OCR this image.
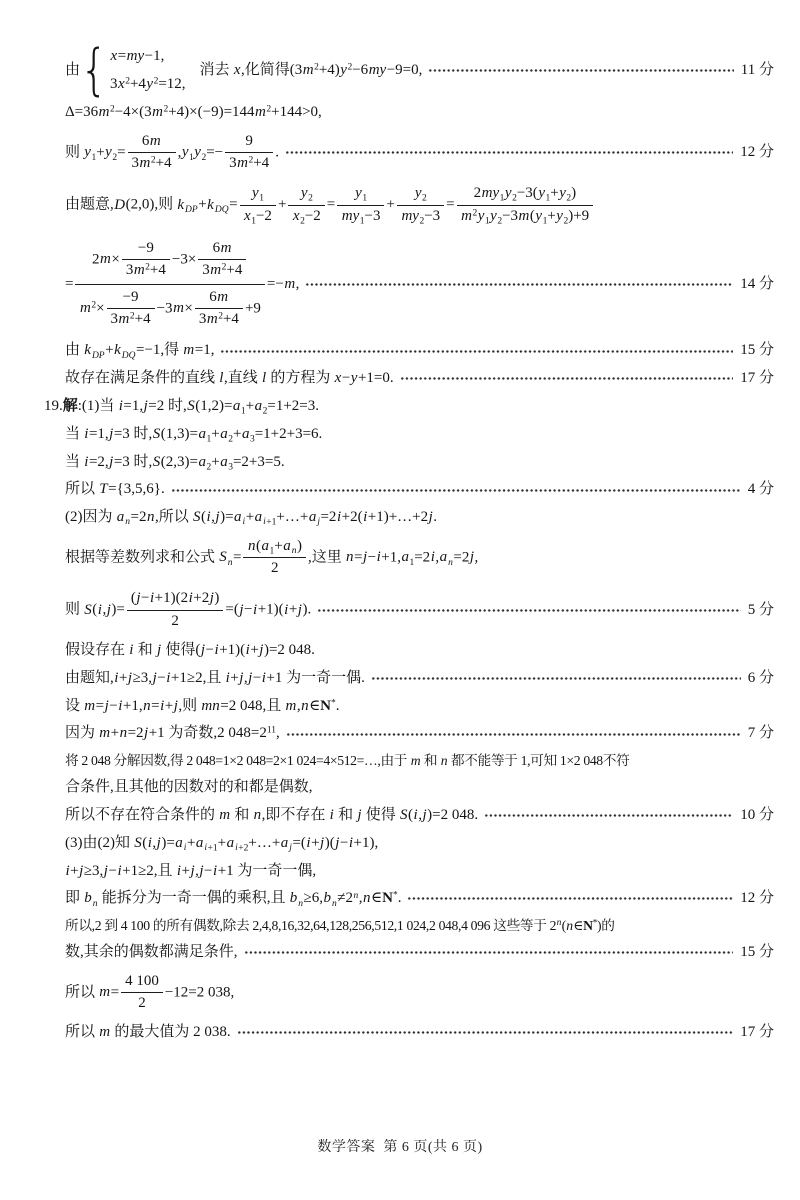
由 { x=my−1,
$3x^2+4y^2=12$,
消去 x,化简得$(3m^2+4)y^2-6my-9=0$,	11 分
$\Delta=36m^2-4\times(3m^2+4)\times(-9)=144m^2+144>0$,
则 $y_1+y_2= \frac{6m}{3m^2+4} ,y_1y_2=- \frac{9}{3m^2+4}$ .	12 分
由题意,D(2,0),则 $k_{DP}+k_{DQ}= \frac{y_1}{x_1-2} + \frac{y_2}{x_2-2} = \frac{y_1}{my_1-3} + \frac{y_2}{my_2-3} = \frac{2my_1y_2-3(y_1+y_2)}{m^2y_1y_2-3m(y_1+y_2)+9}$
= $\frac{2m\times \frac{-9}{3m^2+4} -3\times \frac{6m}{3m^2+4}}{m^2\times \frac{-9}{3m^2+4} -3m\times \frac{6m}{3m^2+4} +9} =-m$,	14 分
由 $k_{DP}+k_{DQ}=-1$,得 m=1,	15 分
故存在满足条件的直线 l,直线 l 的方程为 x−y+1=0.	17 分
19.解:(1)当 i=1,j=2 时$,S(1,2)=a_1+a_2=1+2=3$.
当 i=1,j=3 时$,S(1,3)=a_1+a_2+a_3=1+2+3=6$.
当 i=2,j=3 时$,S(2,3)=a_2+a_3=2+3=5$.
所以 T={3,5,6}.	4 分
(2)因为 $a_n=2n$,所以 $S(i,j)=a_i+a_{i+1}+\dots+a_j=2i+2(i+1)+\dots+2j$.
根据等差数列求和公式 $S_n= \frac{n(a_1+a_n)}{2}$ ,这里 $n=j-i+1,a_1=2i,a_n=2j$,
则 $S(i,j)= \frac{(j-i+1)(2i+2j)}{2} =(j-i+1)(i+j)$.	5 分
假设存在 i 和 j 使得(j−i+1)(i+j)=2 048.
由题知,i+j≥3,j−i+1≥2,且 i+j,j−i+1 为一奇一偶.	6 分
设 m=j−i+1,n=i+j,则 mn=2 048,且 m,n∈N*.
因为 m+n=2j+1 为奇数,2 $048=2^{11}$,	7 分
将 2 048 分解因数,得 2 048=1×2 048=2×1 024=4×512=…,由于 m 和 n 都不能等于 1,可知 1×2 048不符
合条件,且其他的因数对的和都是偶数,
所以不存在符合条件的 m 和 n,即不存在 i 和 j 使得 S(i,j)=2 048.	10 分
(3)由(2)知 $S(i,j)=a_i+a_{i+1}+a_{i+2}+\dots+a_j=(i+j)(j-i+1)$,
i+j≥3,j−i+1≥2,且 i+j,j−i+1 为一奇一偶,
即 $b_n$ 能拆分为一奇一偶的乘积,且 $b_n\ge 6,b_n\ne 2^n,n\in N^*$.	12 分
所以,2 到 4 100 的所有偶数,除去 2,4,8,16,32,64,128,256,512,1 024,2 048,4 096 这些等于 2$^n$(n∈N*)的
数,其余的偶数都满足条件,	15 分
所以 $m= \frac{4 100}{2} -12=2$ 038,
所以 m 的最大值为 2 038.	17 分
数学答案 第 6 页(共 6 页)
